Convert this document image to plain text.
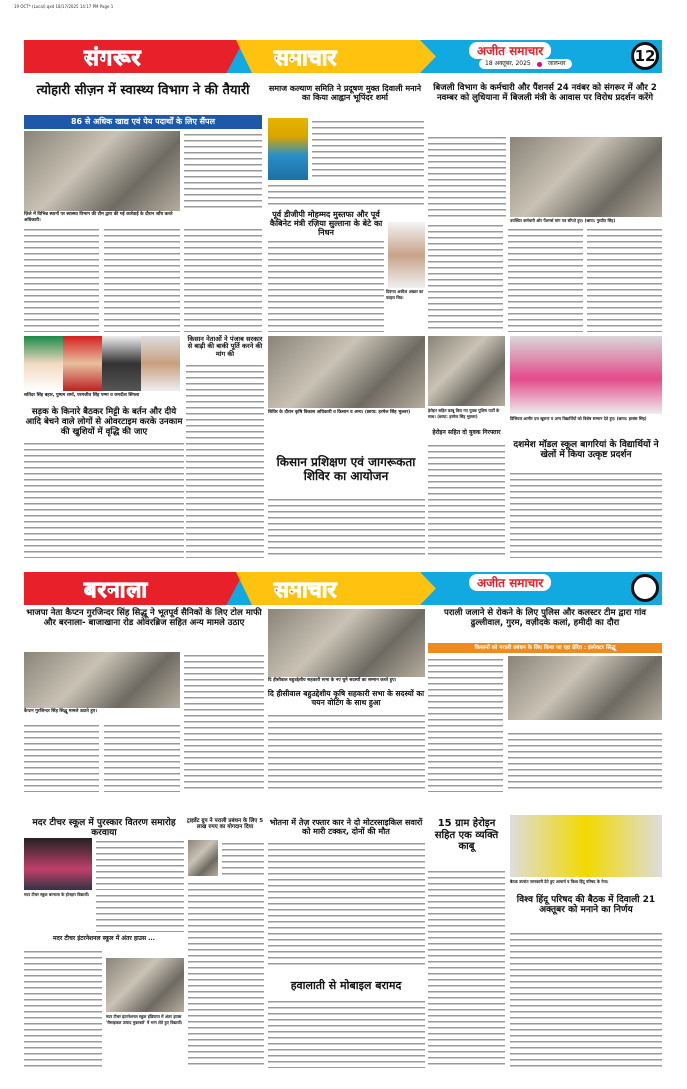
19 OCT* (Local).qxd 18/17/2025 14:17 PM Page 1
संगरूर	समाचार	अजीत समाचार
18 अक्तूबर, 2025	जालन्धर	12
त्योहारी सीज़न में स्वास्थ्य विभाग ने की तैयारी
86 से अधिक खाद्य एवं पेय पदार्थों के लिए सैंपल
ज़िले में विभिन्न स्थानों पर स्वास्थ्य विभाग की टीम द्वारा की गई कार्रवाई के दौरान जाँच करते अधिकारी।
समाज कल्याण समिति ने प्रदूषण मुक्त दिवाली मनाने का किया आह्वान भूपिंदर शर्मा
पूर्व डीजीपी मोहम्मद मुस्तफा और पूर्व कैबिनेट मंत्री रज़िया सुल्ताना के बेटे का निधन
दिवंगत अकील अख्तर का फाइल चित्र।
बिजली विभाग के कर्मचारी और पैंशनर्स 24 नवंबर को संगरूर में और 2 नवम्बर को लुधियाना में बिजली मंत्री के आवास पर विरोध प्रदर्शन करेंगे
उपस्थित कर्मचारी और पैंशनर्स मांग पत्र सौंपते हुए। (छाया: गुरप्रीत सिंह)
सतिंदर सिंह बहार, पुष्पम शर्मा, परमजीत सिंह पम्मा व जगदीश सिंगला
सड़क के किनारे बैठकर मिट्टी के बर्तन और दीये आदि बेचने वाले लोगों से ओवरटाइम करके उनकाम की खुशियों में वृद्धि की जाए
किसान नेताओं ने पंजाब सरकार से बाढ़ी की बाकी पूर्ति करने की मांग की
शिविर के दौरान कृषि विकास अधिकारी व किसान व अन्य। (छाया: हरमेल सिंह भुल्लर)
किसान प्रशिक्षण एवं जागरूकता शिविर का आयोजन
हेरोइन सहित काबू किए गए युवक पुलिस पार्टी के साथ। (छाया: हरमेल सिंह भुल्लर)
हेरोइन सहित दो युवक गिरफ्तार
प्रिंसिपल आमीर दत्त खुराना व अन्य विद्यार्थियों को विशेष सम्मान देते हुए। (छाया: हरबंस सिंह)
दशमेश मॉडल स्कूल बागरियां के विद्यार्थियों ने खेलों में किया उत्कृष्ट प्रदर्शन
बरनाला	समाचार	अजीत समाचार
भाजपा नेता कैप्टन गुरजिन्दर सिंह सिद्धू ने भूतपूर्व सैनिकों के लिए टोल माफी और बरनाला- बाजाखाना रोड ओवरब्रिज सहित अन्य मामले उठाए
कैप्टन गुरजिन्दर सिंह सिद्धू मामले उठाते हुए।
दि हीसीवाल बहुउद्देशीय सहकारी सभा के नए चुने सदस्यों का सम्मान करते हुए।
दि हीसीवाल बहुउद्देशीय कृषि सहकारी सभा के सदस्यों का चयन वोटिंग के साथ हुआ
पराली जलाने से रोकने के लिए पुलिस और कलस्टर टीम द्वारा गांव ढुल्लीवाल, गुरम, वज़ीदके कलां, हमीदी का दौरा
किसानों को पराली प्रबंधन के लिए किया जा रहा प्रेरित : इंस्पेक्टर सिद्धू
मदर टीचर स्कूल में पुरस्कार वितरण समारोह करवाया
मदर टीचर स्कूल बरनाला के होनहार विद्यार्थी।
मदर टीचर इंटरनेशनल स्कूल में अंतर हाउस ...
मदर टीचर इंटरनेशनल स्कूल हंडियाया में अंतर हाउस 'रीसाइकल उत्पाद मुकाबले' में भाग लेते हुए विद्यार्थी।
ट्राइडेंट ग्रुप ने पराली प्रबंधन के लिए 5 लाख रुपए का योगदान दिया
भोतना में तेज़ रफ्तार कार ने दो मोटरसाइकिल सवारों को मारी टक्कर, दोनों की मौत
हवालाती से मोबाइल बरामद
15 ग्राम हेरोइन सहित एक व्यक्ति काबू
बैठक उपरांत जानकारी देते हुए आचार्य व विश्व हिंदू परिषद के नेता।
विश्व हिंदू परिषद की बैठक में दिवाली 21 अक्तूबर को मनाने का निर्णय
